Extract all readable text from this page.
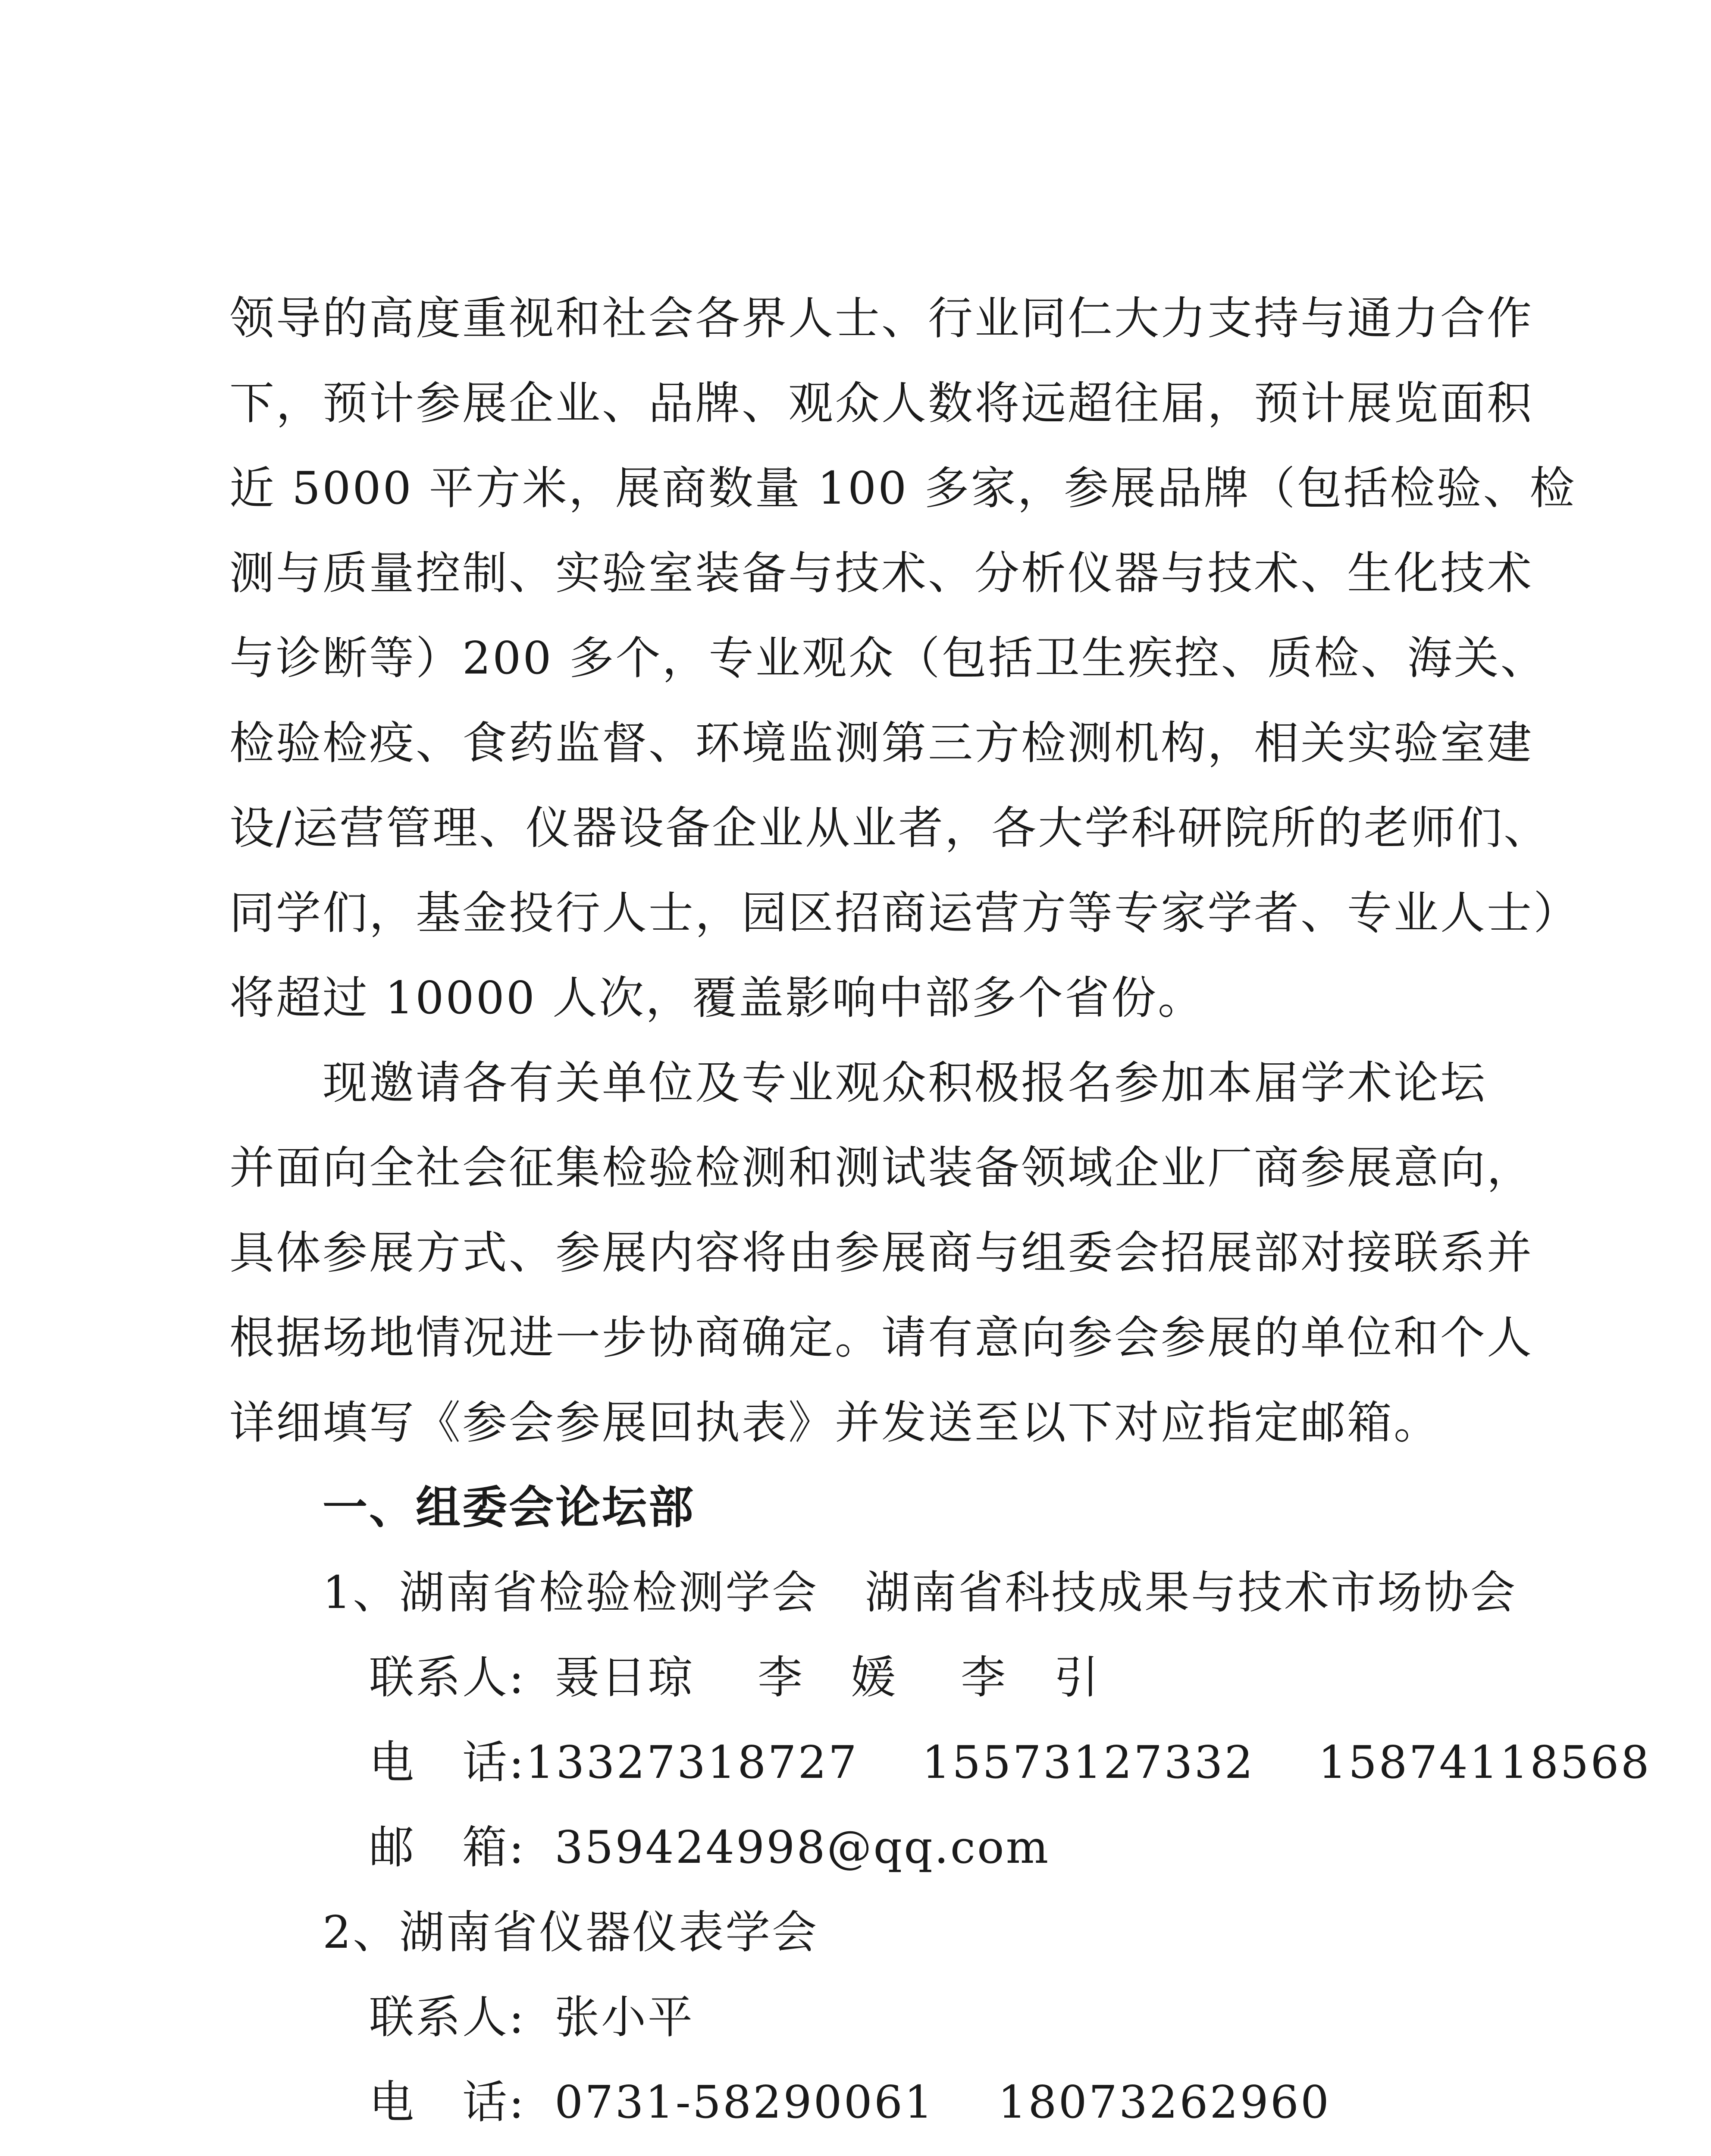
领导的高度重视和社会各界人士、行业同仁大力支持与通力合作
下，预计参展企业、品牌、观众人数将远超往届，预计展览面积
近 5000 平方米，展商数量 100 多家，参展品牌（包括检验、检
测与质量控制、实验室装备与技术、分析仪器与技术、生化技术
与诊断等）200 多个，专业观众（包括卫生疾控、质检、海关、
检验检疫、食药监督、环境监测第三方检测机构，相关实验室建
设/运营管理、仪器设备企业从业者，各大学科研院所的老师们、
同学们，基金投行人士，园区招商运营方等专家学者、专业人士）
将超过 10000 人次，覆盖影响中部多个省份。
现邀请各有关单位及专业观众积极报名参加本届学术论坛
并面向全社会征集检验检测和测试装备领域企业厂商参展意向，
具体参展方式、参展内容将由参展商与组委会招展部对接联系并
根据场地情况进一步协商确定。请有意向参会参展的单位和个人
详细填写《参会参展回执表》并发送至以下对应指定邮箱。
一、组委会论坛部
1、湖南省检验检测学会　湖南省科技成果与技术市场协会
联系人: 聂日琼 李　媛 李　引
电　话: 13327318727 15573127332 15874118568
邮　箱: 359424998@qq.com
2、湖南省仪器仪表学会
联系人: 张小平
电　话: 0731-58290061 18073262960
